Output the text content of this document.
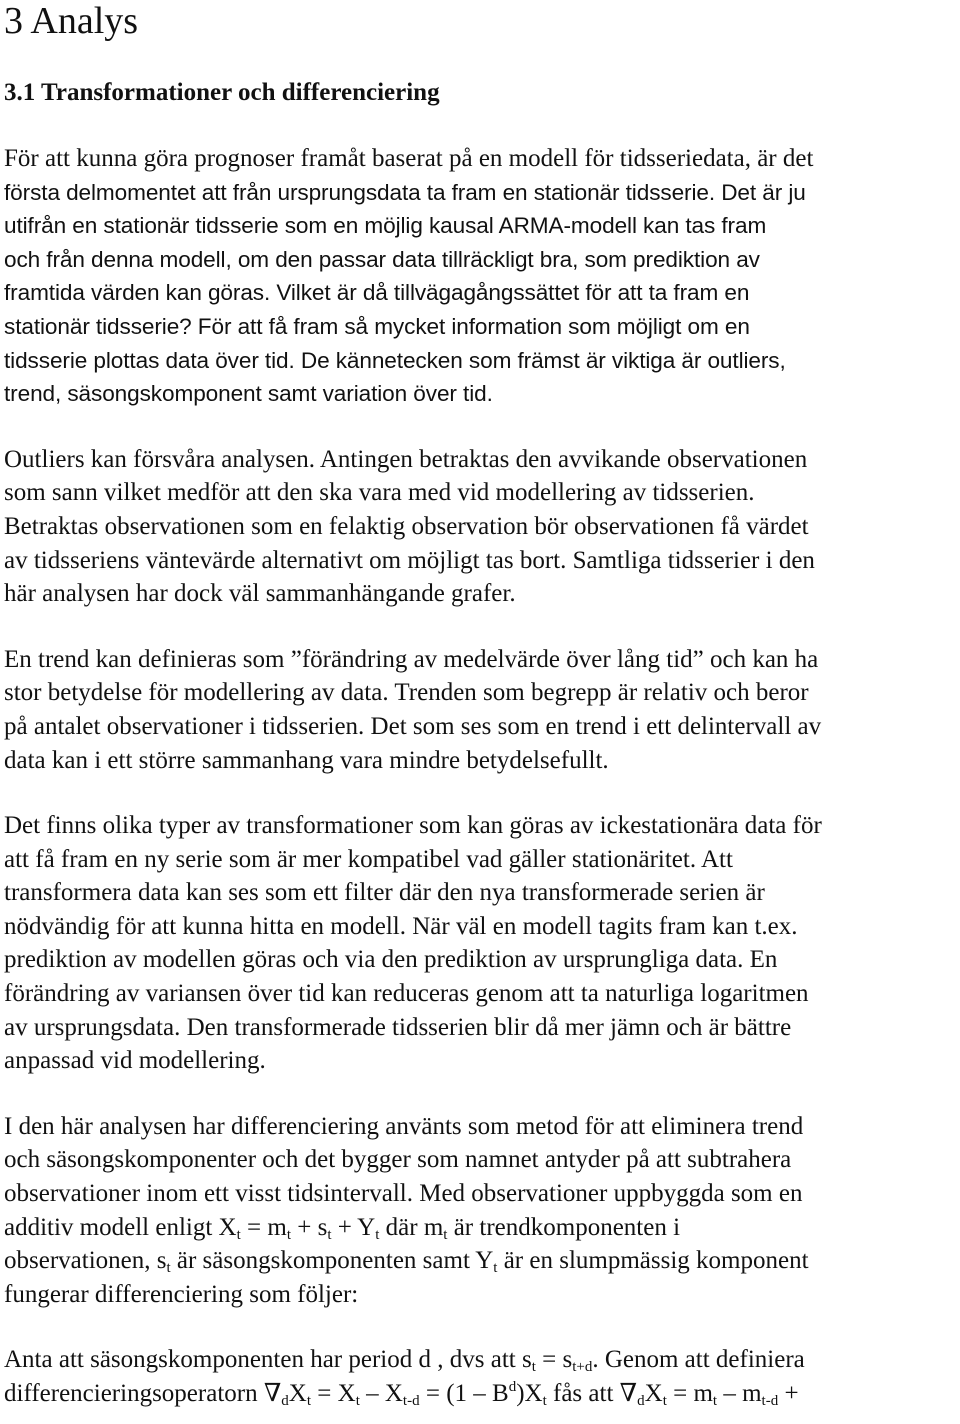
3 Analys
3.1 Transformationer och differenciering

För att kunna göra prognoser framåt baserat på en modell för tidsseriedata, är det
första delmomentet att från ursprungsdata ta fram en stationär tidsserie. Det är ju
utifrån en stationär tidsserie som en möjlig kausal ARMA-modell kan tas fram
och från denna modell, om den passar data tillräckligt bra, som prediktion av
framtida värden kan göras. Vilket är då tillvägagångssättet för att ta fram en
stationär tidsserie? För att få fram så mycket information som möjligt om en
tidsserie plottas data över tid. De kännetecken som främst är viktiga är outliers,
trend, säsongskomponent samt variation över tid.

Outliers kan försvåra analysen. Antingen betraktas den avvikande observationen
som sann vilket medför att den ska vara med vid modellering av tidsserien.
Betraktas observationen som en felaktig observation bör observationen få värdet
av tidsseriens väntevärde alternativt om möjligt tas bort. Samtliga tidsserier i den
här analysen har dock väl sammanhängande grafer.

En trend kan definieras som ”förändring av medelvärde över lång tid” och kan ha
stor betydelse för modellering av data. Trenden som begrepp är relativ och beror
på antalet observationer i tidsserien. Det som ses som en trend i ett delintervall av
data kan i ett större sammanhang vara mindre betydelsefullt.

Det finns olika typer av transformationer som kan göras av ickestationära data för
att få fram en ny serie som är mer kompatibel vad gäller stationäritet. Att
transformera data kan ses som ett filter där den nya transformerade serien är
nödvändig för att kunna hitta en modell. När väl en modell tagits fram kan t.ex.
prediktion av modellen göras och via den prediktion av ursprungliga data. En
förändring av variansen över tid kan reduceras genom att ta naturliga logaritmen
av ursprungsdata. Den transformerade tidsserien blir då mer jämn och är bättre
anpassad vid modellering.

I den här analysen har differenciering använts som metod för att eliminera trend
och säsongskomponenter och det bygger som namnet antyder på att subtrahera
observationer inom ett visst tidsintervall. Med observationer uppbyggda som en
additiv modell enligt $X_t = m_t + s_t + Y_t$ där $m_t$ är trendkomponenten i
observationen, $s_t$ är säsongskomponenten samt $Y_t$ är en slumpmässig komponent
fungerar differenciering som följer:

Anta att säsongskomponenten har period d , dvs att $s_t = s_{t+d}$. Genom att definiera
differencieringsoperatorn $\nabla_dX_t = X_t - X_{t-d} = (1 - B^d)X_t$ fås att $\nabla_dX_t = m_t - m_{t-d}$ +
